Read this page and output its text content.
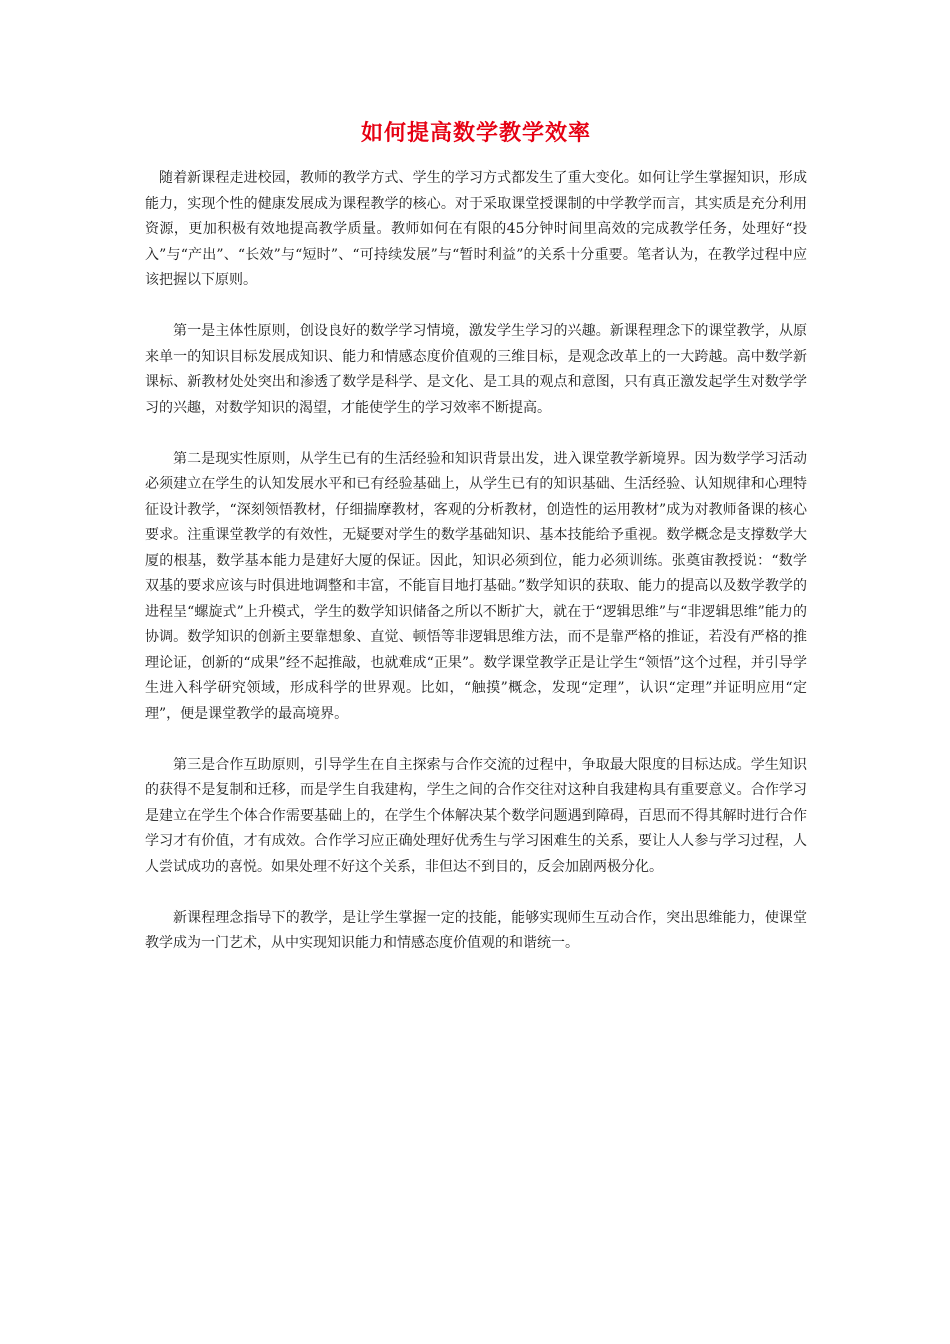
如何提高数学教学效率

随着新课程走进校园，教师的教学方式、学生的学习方式都发生了重大变化。如何让学生掌握知识，形成能力，实现个性的健康发展成为课程教学的核心。对于采取课堂授课制的中学教学而言，其实质是充分利用资源，更加积极有效地提高教学质量。教师如何在有限的45分钟时间里高效的完成教学任务，处理好“投入”与“产出”、“长效”与“短时”、“可持续发展”与“暂时利益”的关系十分重要。笔者认为，在教学过程中应该把握以下原则。

第一是主体性原则，创设良好的数学学习情境，激发学生学习的兴趣。新课程理念下的课堂教学，从原来单一的知识目标发展成知识、能力和情感态度价值观的三维目标，是观念改革上的一大跨越。高中数学新课标、新教材处处突出和渗透了数学是科学、是文化、是工具的观点和意图，只有真正激发起学生对数学学习的兴趣，对数学知识的渴望，才能使学生的学习效率不断提高。

第二是现实性原则，从学生已有的生活经验和知识背景出发，进入课堂教学新境界。因为数学学习活动必须建立在学生的认知发展水平和已有经验基础上，从学生已有的知识基础、生活经验、认知规律和心理特征设计教学，“深刻领悟教材，仔细揣摩教材，客观的分析教材，创造性的运用教材”成为对教师备课的核心要求。注重课堂教学的有效性，无疑要对学生的数学基础知识、基本技能给予重视。数学概念是支撑数学大厦的根基，数学基本能力是建好大厦的保证。因此，知识必须到位，能力必须训练。张奠宙教授说：“数学双基的要求应该与时俱进地调整和丰富，不能盲目地打基础。”数学知识的获取、能力的提高以及数学教学的进程呈“螺旋式”上升模式，学生的数学知识储备之所以不断扩大，就在于“逻辑思维”与“非逻辑思维”能力的协调。数学知识的创新主要靠想象、直觉、顿悟等非逻辑思维方法，而不是靠严格的推证，若没有严格的推理论证，创新的“成果”经不起推敲，也就难成“正果”。数学课堂教学正是让学生“领悟”这个过程，并引导学生进入科学研究领域，形成科学的世界观。比如，“触摸”概念，发现“定理”，认识“定理”并证明应用“定理”，便是课堂教学的最高境界。

第三是合作互助原则，引导学生在自主探索与合作交流的过程中，争取最大限度的目标达成。学生知识的获得不是复制和迁移，而是学生自我建构，学生之间的合作交往对这种自我建构具有重要意义。合作学习是建立在学生个体合作需要基础上的，在学生个体解决某个数学问题遇到障碍，百思而不得其解时进行合作学习才有价值，才有成效。合作学习应正确处理好优秀生与学习困难生的关系，要让人人参与学习过程，人人尝试成功的喜悦。如果处理不好这个关系，非但达不到目的，反会加剧两极分化。

新课程理念指导下的教学，是让学生掌握一定的技能，能够实现师生互动合作，突出思维能力，使课堂教学成为一门艺术，从中实现知识能力和情感态度价值观的和谐统一。
